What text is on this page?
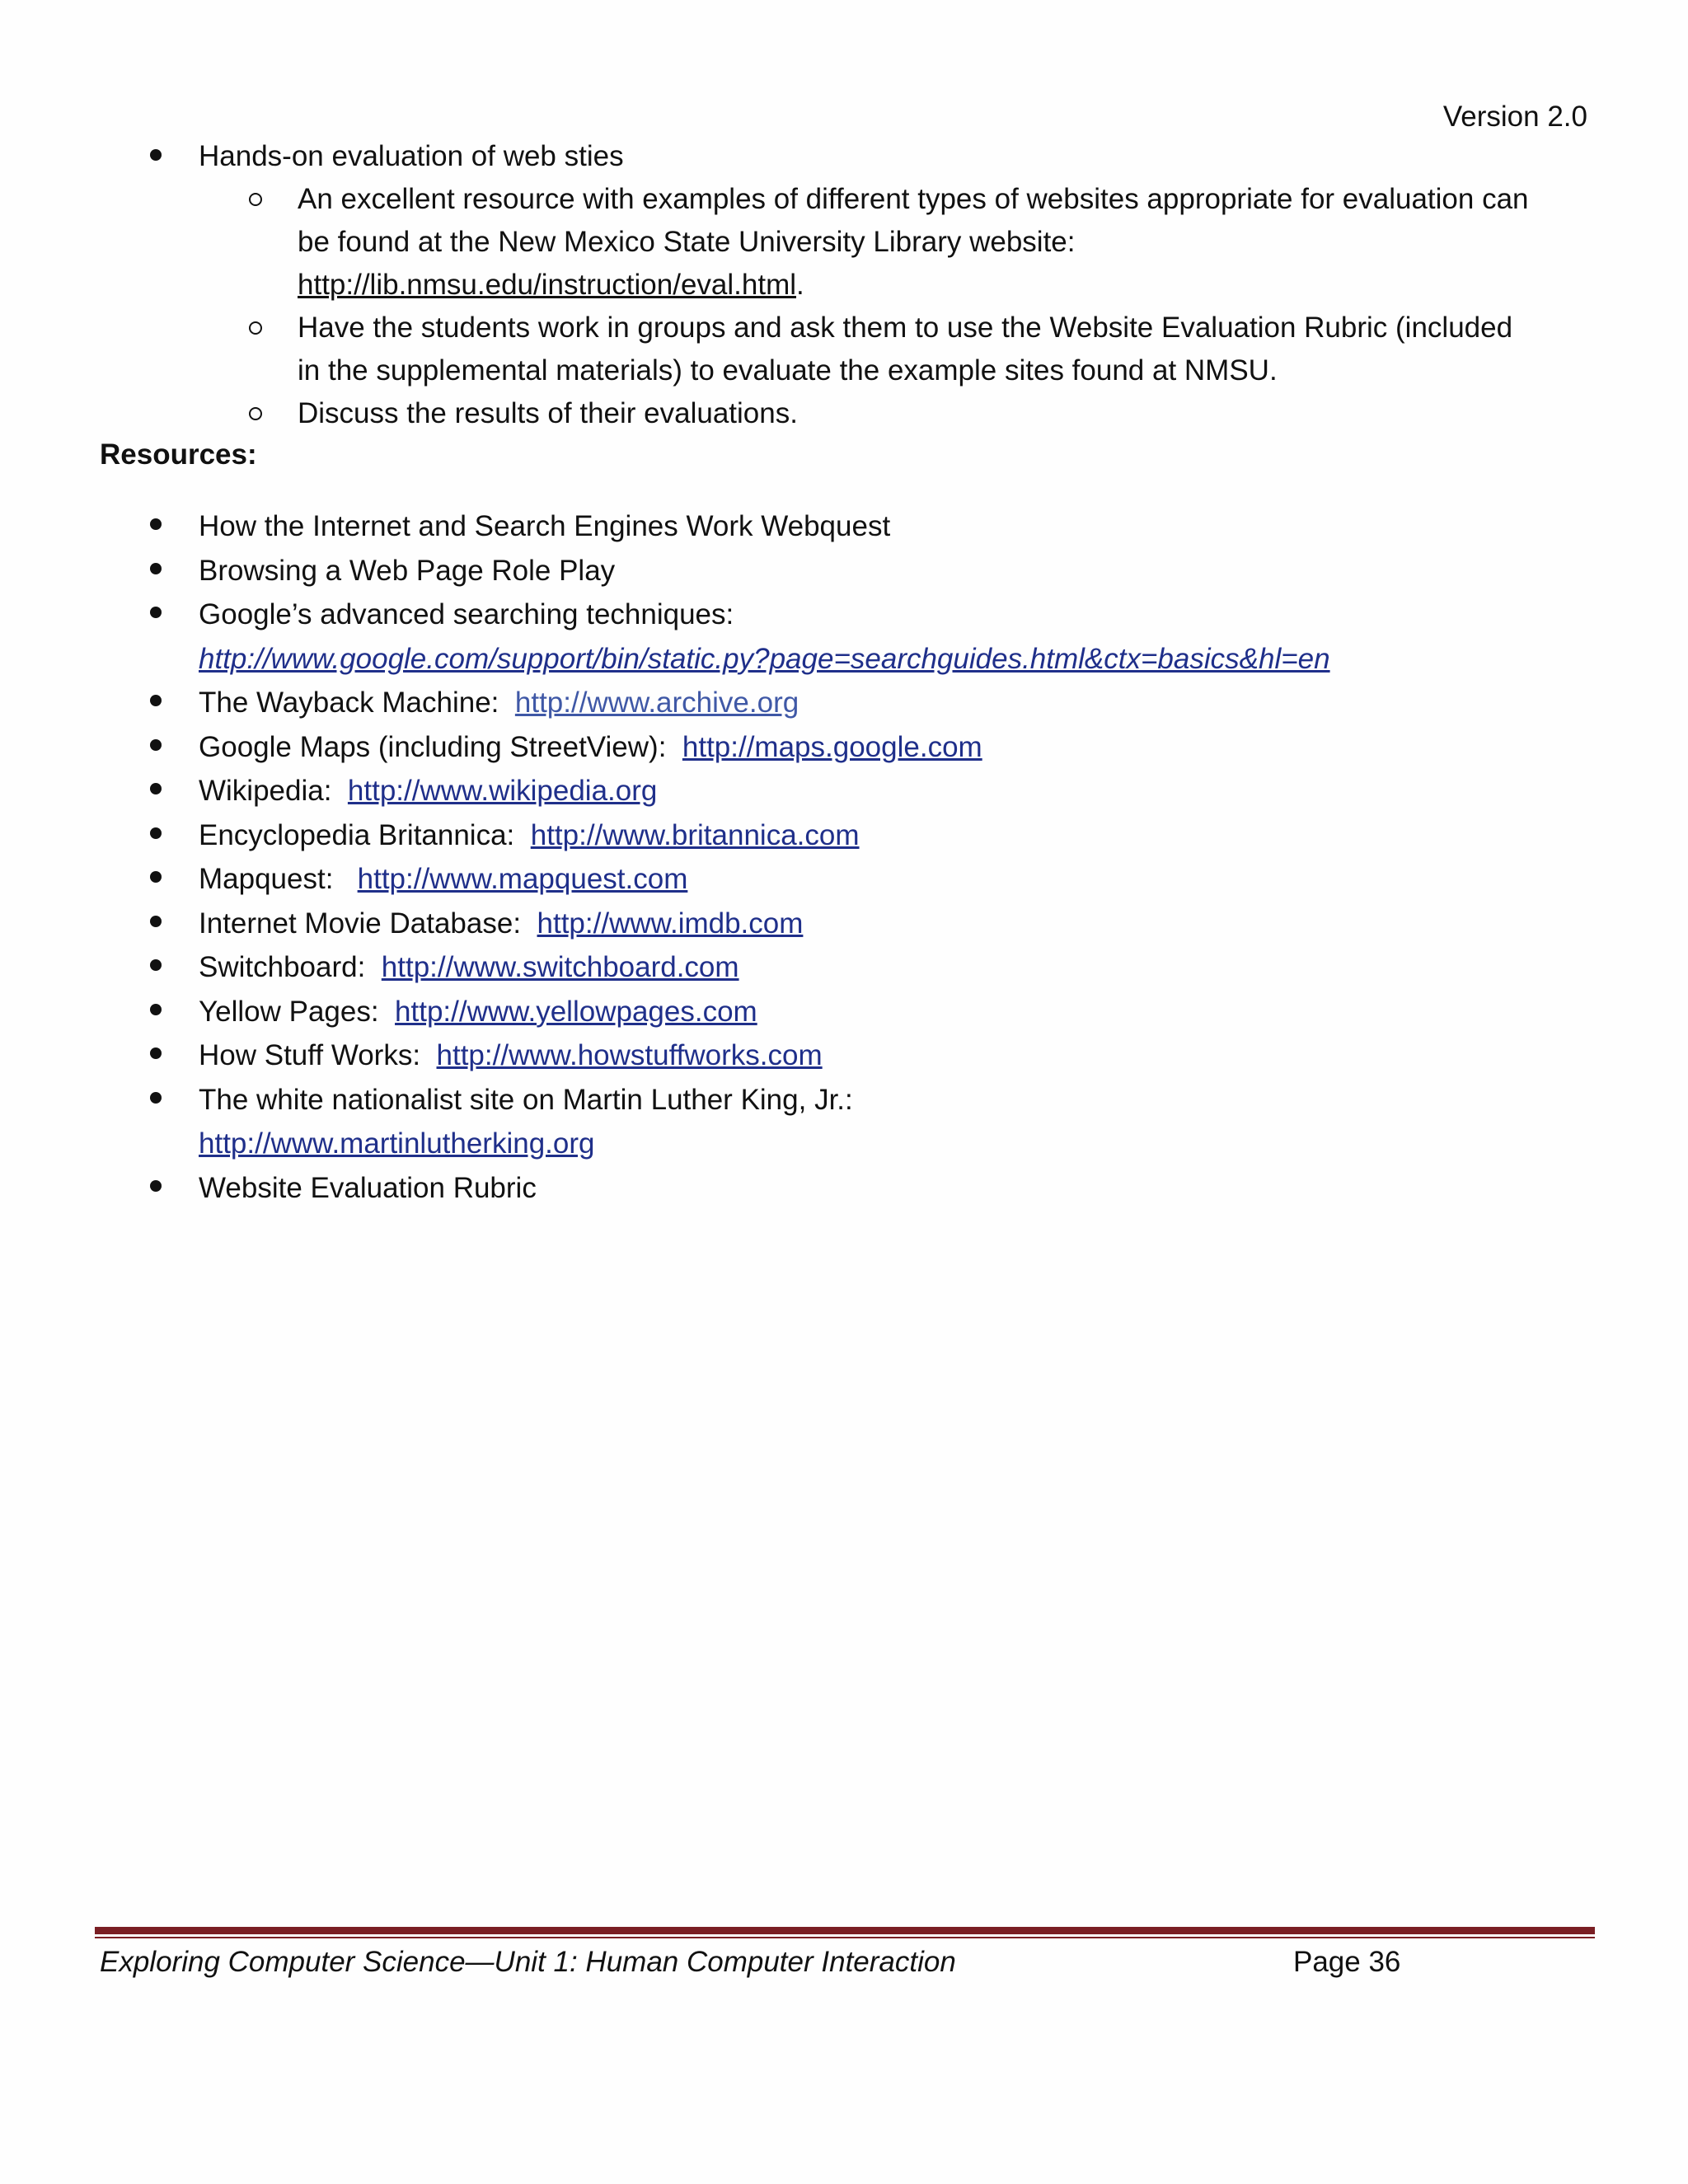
Version 2.0
Hands-on evaluation of web sties
An excellent resource with examples of different types of websites appropriate for evaluation can be found at the New Mexico State University Library website:  http://lib.nmsu.edu/instruction/eval.html.
Have the students work in groups and ask them to use the Website Evaluation Rubric (included in the supplemental materials) to evaluate the example sites found at NMSU.
Discuss the results of their evaluations.
Resources:
How the Internet and Search Engines Work Webquest
Browsing a Web Page Role Play
Google’s advanced searching techniques:
http://www.google.com/support/bin/static.py?page=searchguides.html&ctx=basics&hl=en
The Wayback Machine: http://www.archive.org
Google Maps (including StreetView): http://maps.google.com
Wikipedia: http://www.wikipedia.org
Encyclopedia Britannica: http://www.britannica.com
Mapquest: http://www.mapquest.com
Internet Movie Database: http://www.imdb.com
Switchboard: http://www.switchboard.com
Yellow Pages: http://www.yellowpages.com
How Stuff Works: http://www.howstuffworks.com
The white nationalist site on Martin Luther King, Jr.:
http://www.martinlutherking.org
Website Evaluation Rubric
Exploring Computer Science—Unit 1: Human Computer Interaction	Page 36
